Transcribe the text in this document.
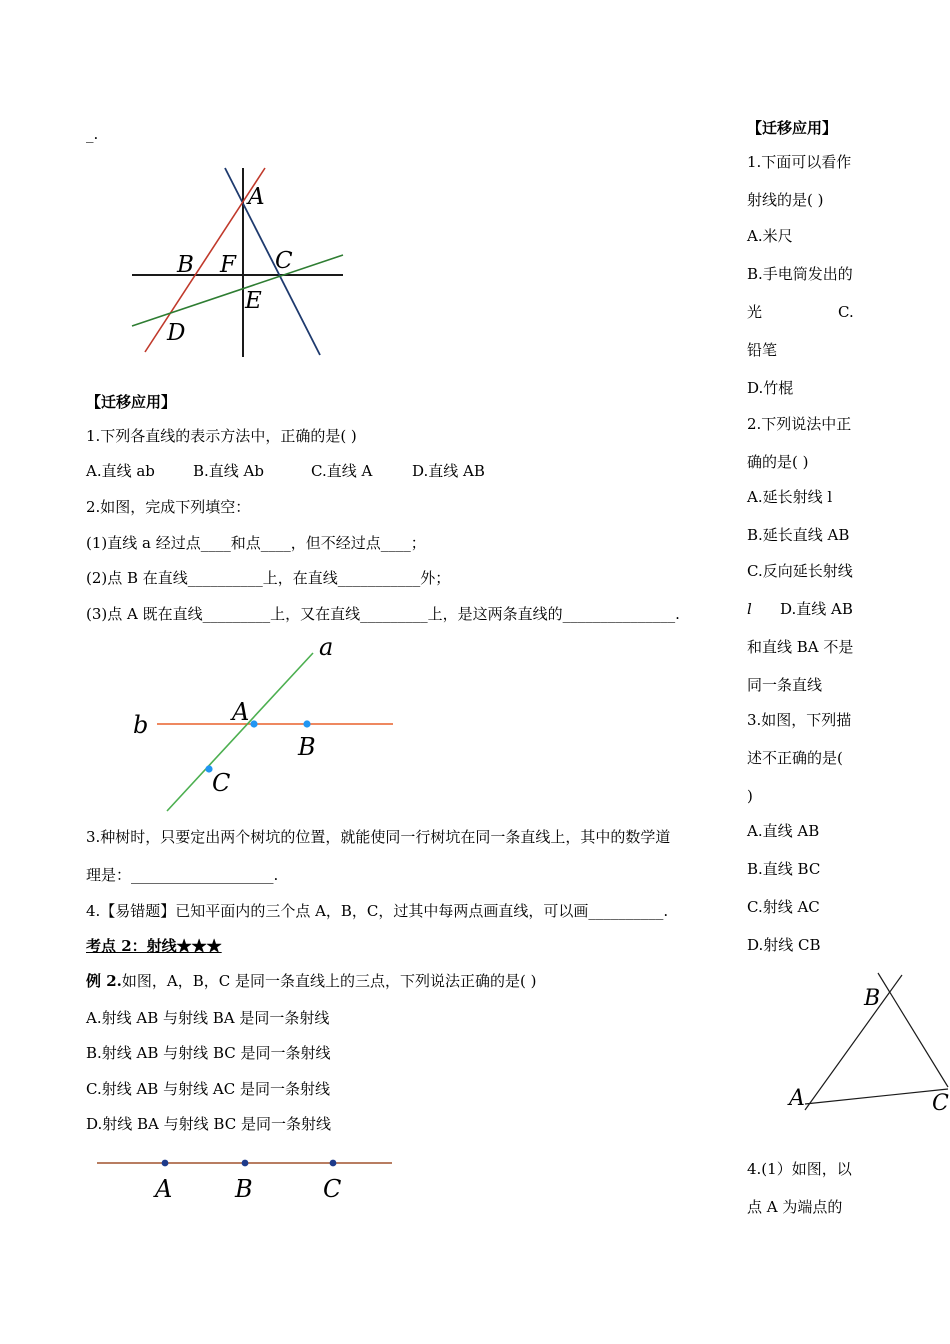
_.
A
B F C
E
D
【迁移应用】
1.下列各直线的表示方法中，正确的是( )
A.直线 ab	B.直线 Ab	C.直线 A	D.直线 AB
2.如图，完成下列填空：
(1)直线 a 经过点____和点____，但不经过点____；
(2)点 B 在直线__________上，在直线___________外；
(3)点 A 既在直线_________上，又在直线_________上，是这两条直线的_______________.
a
b	A
B
C
3.种树时，只要定出两个树坑的位置，就能使同一行树坑在同一条直线上，其中的数学道
理是：___________________.
4.【易错题】已知平面内的三个点 A，B，C，过其中每两点画直线，可以画__________.
考点 2：射线★★★
例 2.如图，A，B，C 是同一条直线上的三点，下列说法正确的是( )
A.射线 AB 与射线 BA 是同一条射线
B.射线 AB 与射线 BC 是同一条射线
C.射线 AB 与射线 AC 是同一条射线
D.射线 BA 与射线 BC 是同一条射线
A	B	C
【迁移应用】
1.下面可以看作
射线的是( )
A.米尺
B.手电筒发出的
光	C.
铅笔
D.竹棍
2.下列说法中正
确的是( )
A.延长射线 l
B.延长直线 AB
C.反向延长射线
l D.直线 AB
和直线 BA 不是
同一条直线
3.如图，下列描
述不正确的是(
)
A.直线 AB
B.直线 BC
C.射线 AC
D.射线 CB
B
A	C
4.(1）如图，以
点 A 为端点的
